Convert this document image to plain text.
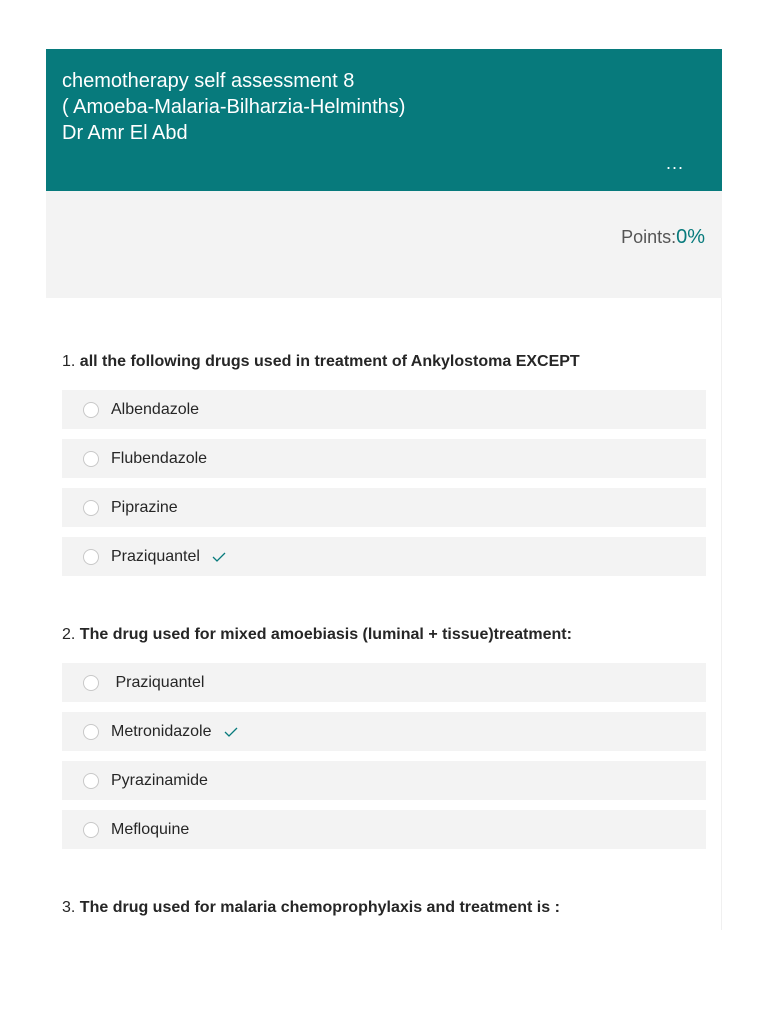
chemotherapy self assessment 8
( Amoeba-Malaria-Bilharzia-Helminths)
Dr Amr El Abd
...
Points:0%
1. all the following drugs used in treatment of Ankylostoma EXCEPT
Albendazole
Flubendazole
Piprazine
Praziquantel
2. The drug used for mixed amoebiasis (luminal + tissue)treatment:
Praziquantel
Metronidazole
Pyrazinamide
Mefloquine
3. The drug used for malaria chemoprophylaxis and treatment is :
